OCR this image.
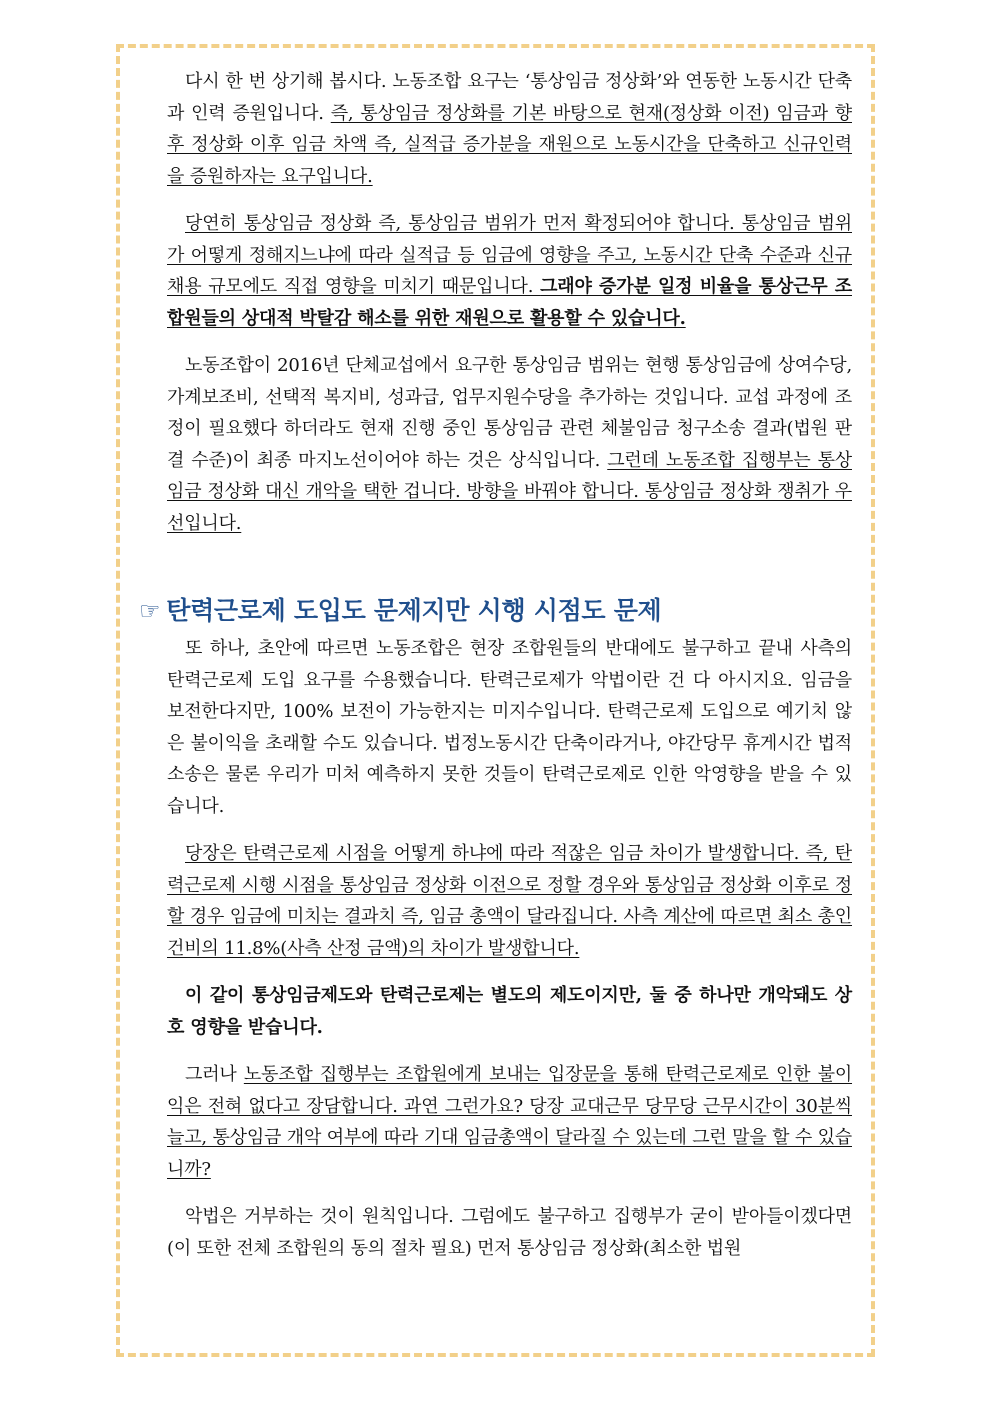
다시 한 번 상기해 봅시다. 노동조합 요구는 ‘통상임금 정상화’와 연동한 노동시간 단축과 인력 증원입니다. 즉, 통상임금 정상화를 기본 바탕으로 현재(정상화 이전) 임금과 향후 정상화 이후 임금 차액 즉, 실적급 증가분을 재원으로 노동시간을 단축하고 신규인력을 증원하자는 요구입니다.

당연히 통상임금 정상화 즉, 통상임금 범위가 먼저 확정되어야 합니다. 통상임금 범위가 어떻게 정해지느냐에 따라 실적급 등 임금에 영향을 주고, 노동시간 단축 수준과 신규채용 규모에도 직접 영향을 미치기 때문입니다. 그래야 증가분 일정 비율을 통상근무 조합원들의 상대적 박탈감 해소를 위한 재원으로 활용할 수 있습니다.

노동조합이 2016년 단체교섭에서 요구한 통상임금 범위는 현행 통상임금에 상여수당, 가계보조비, 선택적 복지비, 성과급, 업무지원수당을 추가하는 것입니다. 교섭 과정에 조정이 필요했다 하더라도 현재 진행 중인 통상임금 관련 체불임금 청구소송 결과(법원 판결 수준)이 최종 마지노선이어야 하는 것은 상식입니다. 그런데 노동조합 집행부는 통상임금 정상화 대신 개악을 택한 겁니다. 방향을 바꿔야 합니다. 통상임금 정상화 쟁취가 우선입니다.

☞ 탄력근로제 도입도 문제지만 시행 시점도 문제

또 하나, 초안에 따르면 노동조합은 현장 조합원들의 반대에도 불구하고 끝내 사측의 탄력근로제 도입 요구를 수용했습니다. 탄력근로제가 악법이란 건 다 아시지요. 임금을 보전한다지만, 100% 보전이 가능한지는 미지수입니다. 탄력근로제 도입으로 예기치 않은 불이익을 초래할 수도 있습니다. 법정노동시간 단축이라거나, 야간당무 휴게시간 법적 소송은 물론 우리가 미처 예측하지 못한 것들이 탄력근로제로 인한 악영향을 받을 수 있습니다.

당장은 탄력근로제 시점을 어떻게 하냐에 따라 적잖은 임금 차이가 발생합니다. 즉, 탄력근로제 시행 시점을 통상임금 정상화 이전으로 정할 경우와 통상임금 정상화 이후로 정할 경우 임금에 미치는 결과치 즉, 임금 총액이 달라집니다. 사측 계산에 따르면 최소 총인건비의 11.8%(사측 산정 금액)의 차이가 발생합니다.

이 같이 통상임금제도와 탄력근로제는 별도의 제도이지만, 둘 중 하나만 개악돼도 상호 영향을 받습니다.

그러나 노동조합 집행부는 조합원에게 보내는 입장문을 통해 탄력근로제로 인한 불이익은 전혀 없다고 장담합니다. 과연 그런가요? 당장 교대근무 당무당 근무시간이 30분씩 늘고, 통상임금 개악 여부에 따라 기대 임금총액이 달라질 수 있는데 그런 말을 할 수 있습니까?

악법은 거부하는 것이 원칙입니다. 그럼에도 불구하고 집행부가 굳이 받아들이겠다면(이 또한 전체 조합원의 동의 절차 필요) 먼저 통상임금 정상화(최소한 법원
